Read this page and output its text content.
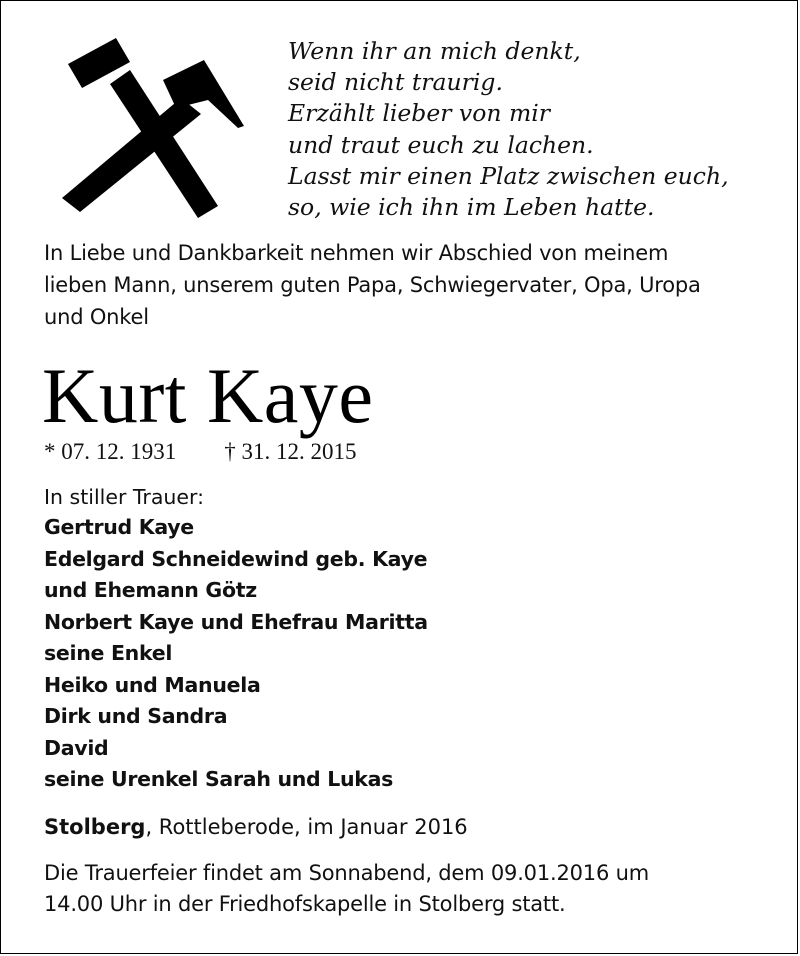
Wenn ihr an mich denkt,
seid nicht traurig.
Erzählt lieber von mir
und traut euch zu lachen.
Lasst mir einen Platz zwischen euch,
so, wie ich ihn im Leben hatte.
In Liebe und Dankbarkeit nehmen wir Abschied von meinem
lieben Mann, unserem guten Papa, Schwiegervater, Opa, Uropa
und Onkel
Kurt Kaye
* 07. 12. 1931 † 31. 12. 2015
In stiller Trauer:
Gertrud Kaye
Edelgard Schneidewind geb. Kaye
und Ehemann Götz
Norbert Kaye und Ehefrau Maritta
seine Enkel
Heiko und Manuela
Dirk und Sandra
David
seine Urenkel Sarah und Lukas
Stolberg, Rottleberode, im Januar 2016
Die Trauerfeier findet am Sonnabend, dem 09.01.2016 um
14.00 Uhr in der Friedhofskapelle in Stolberg statt.
